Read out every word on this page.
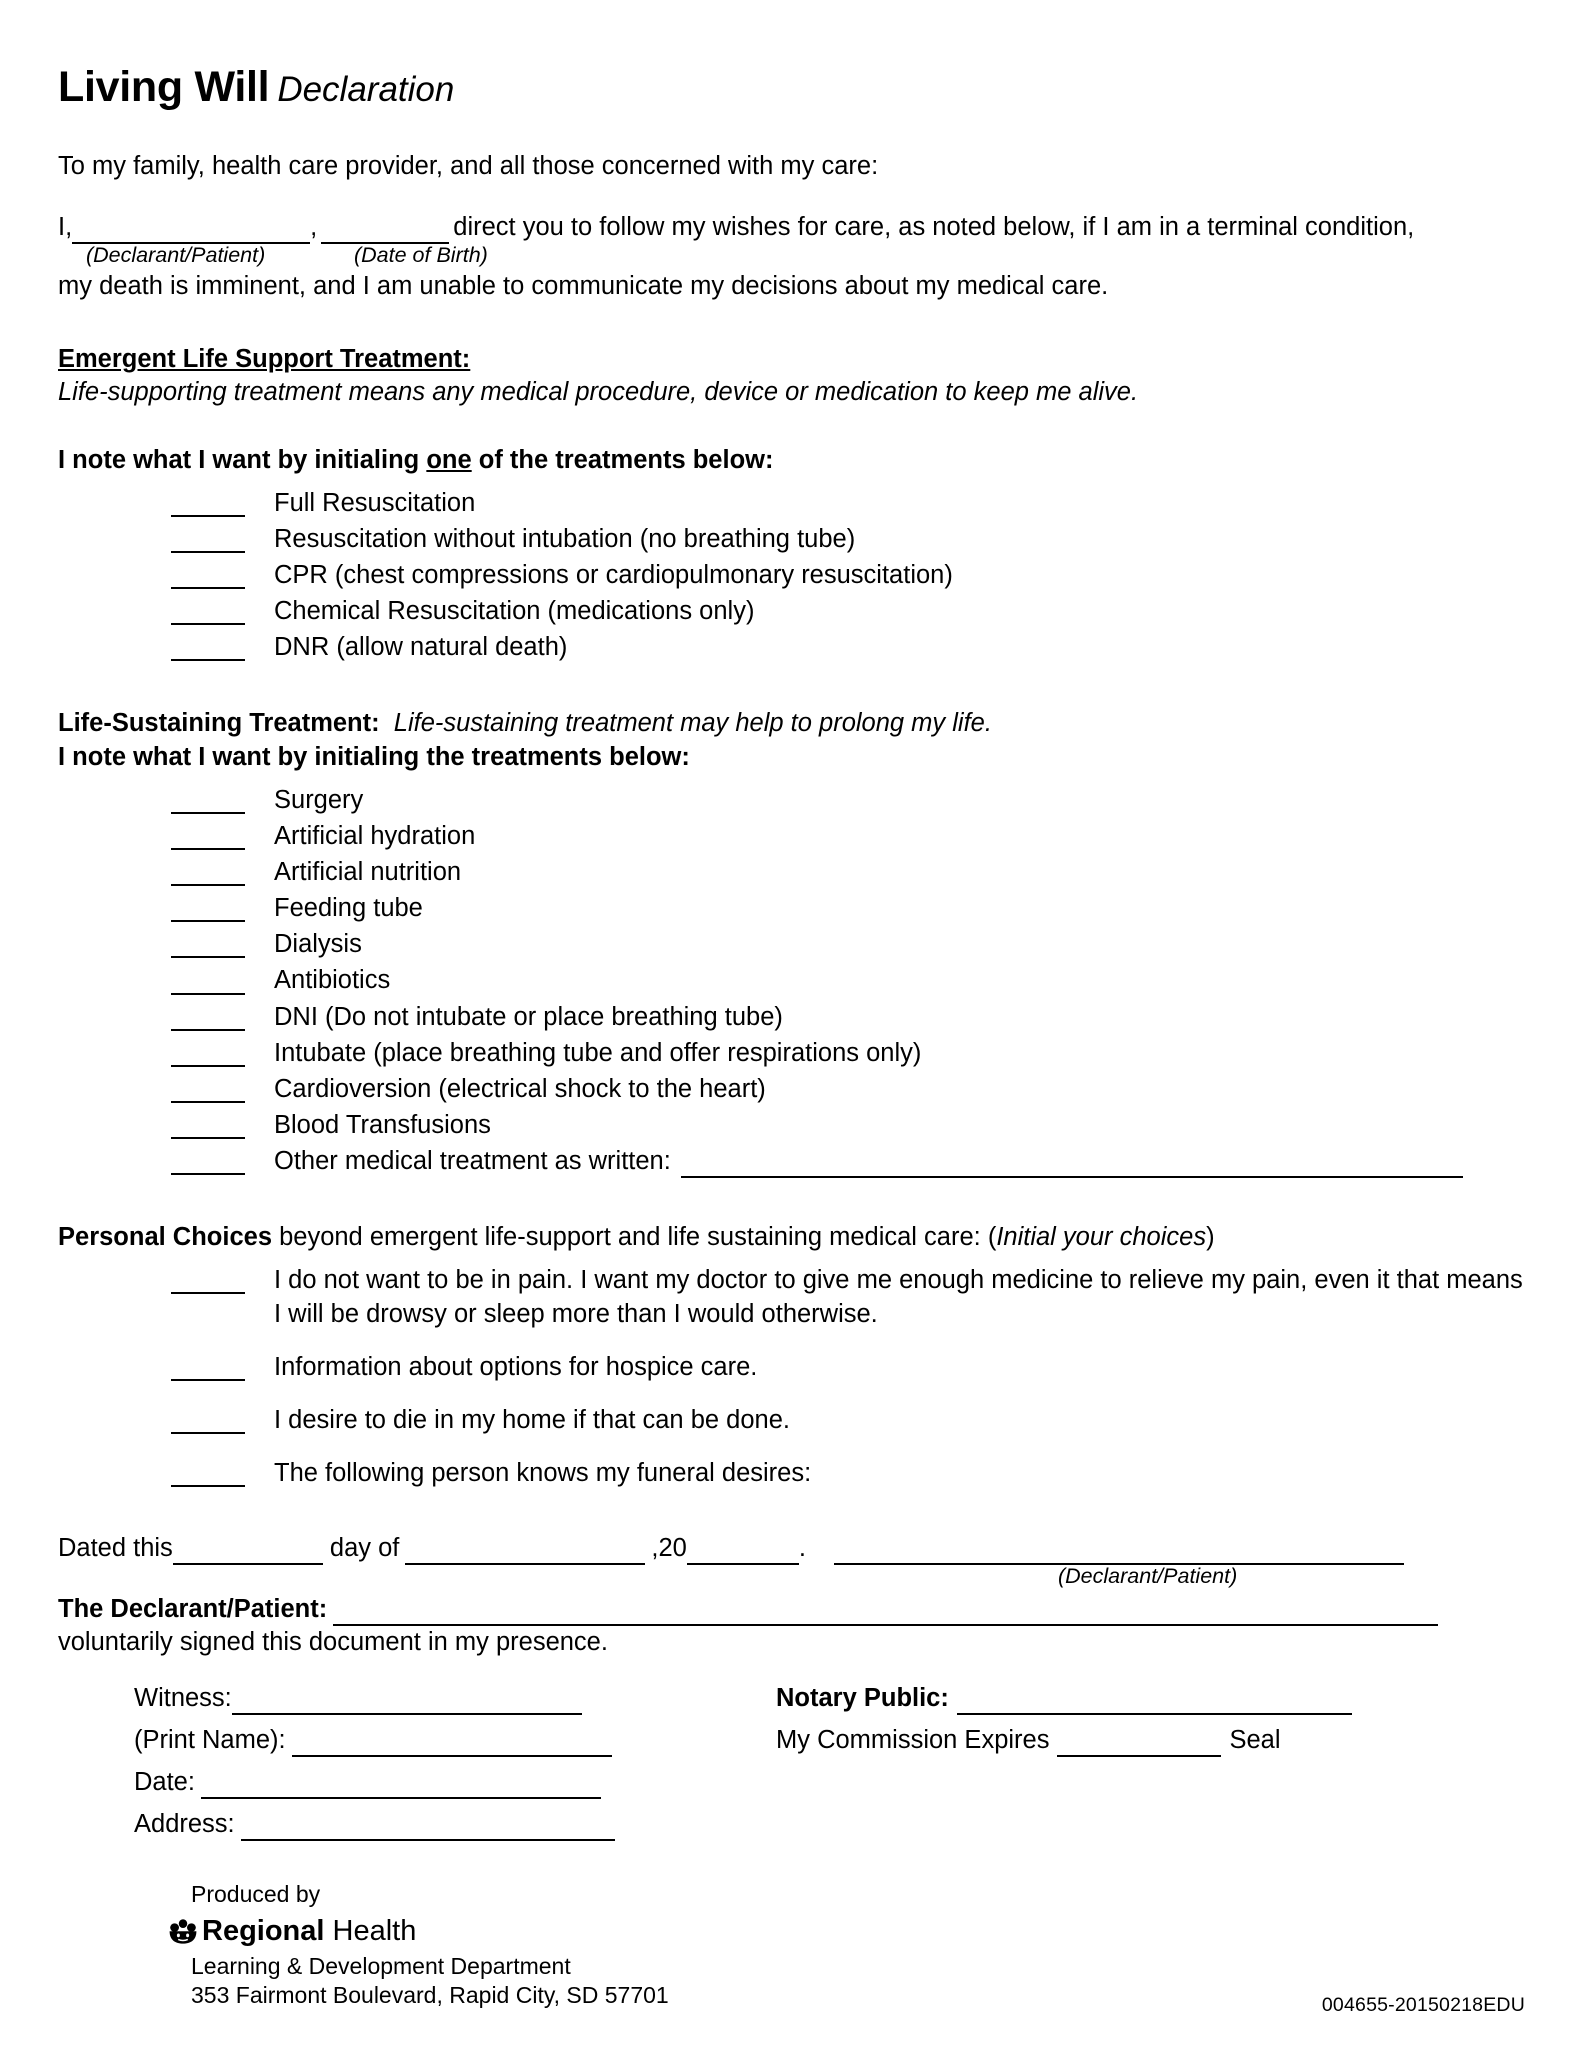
Living Will Declaration

To my family, health care provider, and all those concerned with my care:

I,	,	direct you to follow my wishes for care, as noted below, if I am in a terminal condition,
(Declarant/Patient)	(Date of Birth)

my death is imminent, and I am unable to communicate my decisions about my medical care.

Emergent Life Support Treatment:

Life-supporting treatment means any medical procedure, device or medication to keep me alive.

I note what I want by initialing one of the treatments below:

Full Resuscitation
Resuscitation without intubation (no breathing tube)
CPR (chest compressions or cardiopulmonary resuscitation)
Chemical Resuscitation (medications only)
DNR (allow natural death)

Life-Sustaining Treatment: Life-sustaining treatment may help to prolong my life.

I note what I want by initialing the treatments below:

Surgery
Artificial hydration
Artificial nutrition
Feeding tube
Dialysis
Antibiotics
DNI (Do not intubate or place breathing tube)
Intubate (place breathing tube and offer respirations only)
Cardioversion (electrical shock to the heart)
Blood Transfusions
Other medical treatment as written:

Personal Choices beyond emergent life-support and life sustaining medical care: (Initial your choices)

I do not want to be in pain. I want my doctor to give me enough medicine to relieve my pain, even it that means I will be drowsy or sleep more than I would otherwise.
Information about options for hospice care.
I desire to die in my home if that can be done.
The following person knows my funeral desires:
Dated this	day of	,20	.
(Declarant/Patient)
The Declarant/Patient:

voluntarily signed this document in my presence.

Witness:
(Print Name):
Date:
Address:
Notary Public:
My Commission Expires	Seal
Produced by
Regional Health
Learning & Development Department
353 Fairmont Boulevard, Rapid City, SD 57701	004655-20150218EDU
